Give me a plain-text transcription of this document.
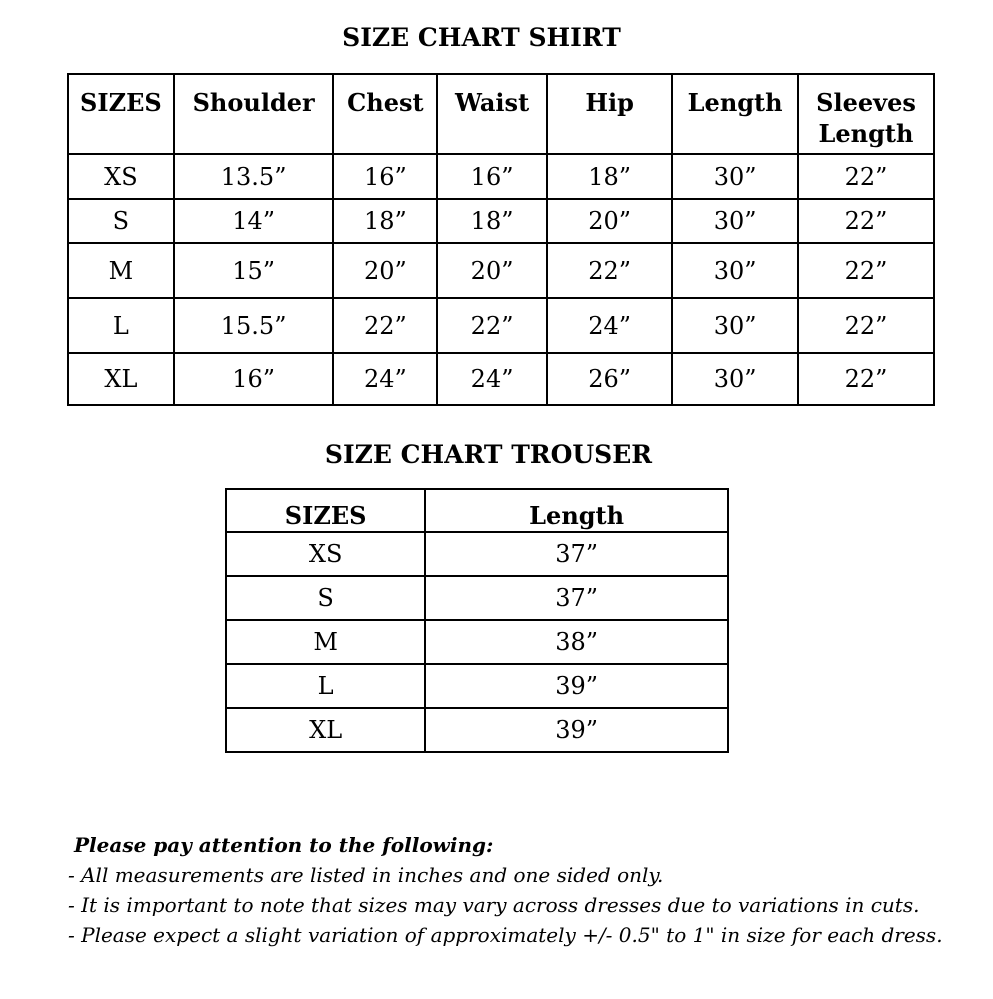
SIZE CHART SHIRT
SIZES	Shoulder	Chest	Waist	Hip	Length	Sleeves Length
XS	13.5”	16”	16”	18”	30”	22”
S	14”	18”	18”	20”	30”	22”
M	15”	20”	20”	22”	30”	22”
L	15.5”	22”	22”	24”	30”	22”
XL	16”	24”	24”	26”	30”	22”
SIZE CHART TROUSER
SIZES	Length
XS	37”
S	37”
M	38”
L	39”
XL	39”
Please pay attention to the following:
- All measurements are listed in inches and one sided only.
- It is important to note that sizes may vary across dresses due to variations in cuts.
- Please expect a slight variation of approximately +/- 0.5" to 1" in size for each dress.
